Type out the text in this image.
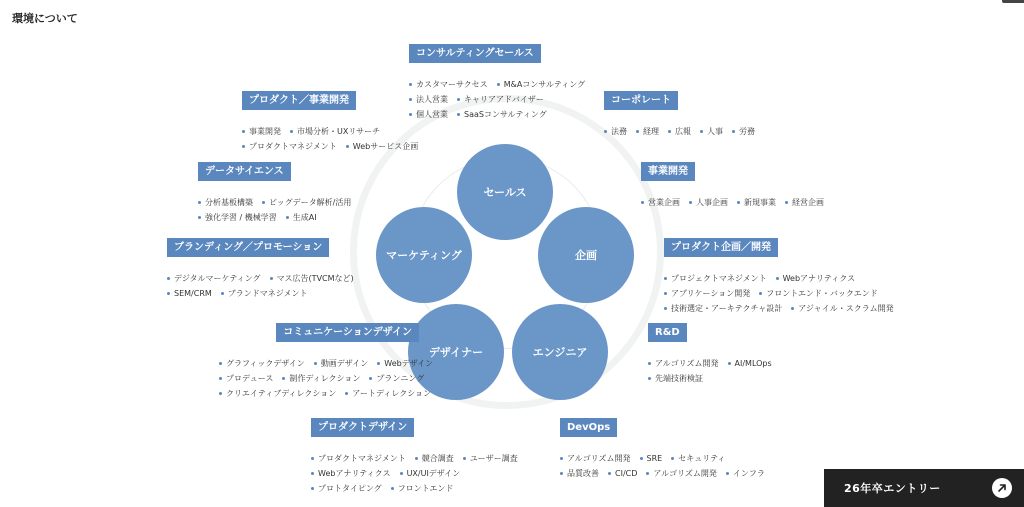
環境について
セールス
企画
エンジニア
デザイナー
マーケティング
コンサルティングセールス
カスタマーサクセス M&Aコンサルティング
法人営業 キャリアアドバイザー
個人営業 SaaSコンサルティング
プロダクト／事業開発
事業開発 市場分析・UXリサーチ
プロダクトマネジメント Webサービス企画
コーポレート
法務 経理 広報 人事 労務
データサイエンス
分析基板構築 ビッグデータ解析/活用
強化学習 / 機械学習 生成AI
事業開発
営業企画 人事企画 新規事業 経営企画
ブランディング／プロモーション
デジタルマーケティング マス広告(TVCMなど)
SEM/CRM ブランドマネジメント
プロダクト企画／開発
プロジェクトマネジメント Webアナリティクス
アプリケーション開発 フロントエンド・バックエンド
技術選定・アーキテクチャ設計 アジャイル・スクラム開発
コミュニケーションデザイン
グラフィックデザイン 動画デザイン Webデザイン
プロデュース 制作ディレクション プランニング
クリエイティブディレクション アートディレクション
R&D
アルゴリズム開発 AI/MLOps
先端技術検証
プロダクトデザイン
プロダクトマネジメント 競合調査 ユーザー調査
Webアナリティクス UX/UIデザイン
プロトタイピング フロントエンド
DevOps
アルゴリズム開発 SRE セキュリティ
品質改善 CI/CD アルゴリズム開発 インフラ
26年卒エントリー
